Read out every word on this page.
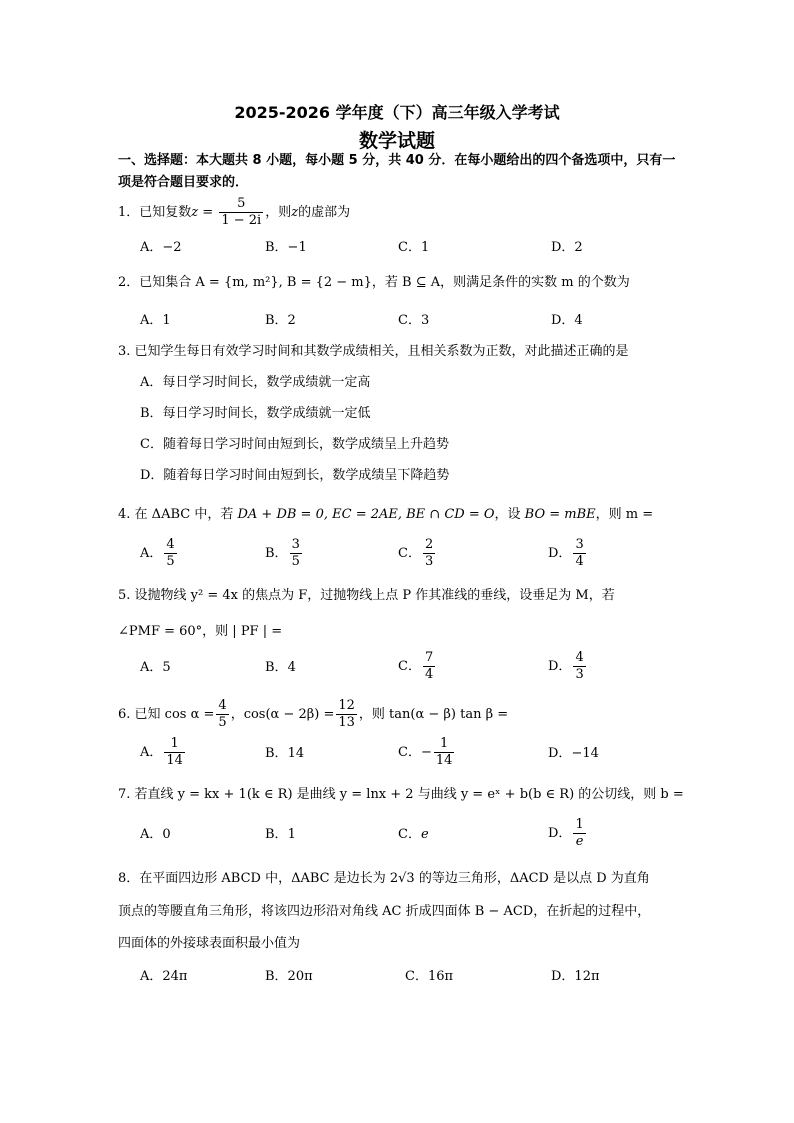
2025-2026 学年度（下）高三年级入学考试
数学试题
一、选择题：本大题共 8 小题，每小题 5 分，共 40 分．在每小题给出的四个备选项中，只有一项是符合题目要求的．
1．已知复数$z = \frac{5}{1 - 2i}$ ，则z的虚部为
A．−2	B．−1	C．1	D．2
2．已知集合 A = {m, m²}, B = {2 − m}，若 B ⊆ A，则满足条件的实数 m 的个数为
A．1	B．2	C．3	D．4
3. 已知学生每日有效学习时间和其数学成绩相关，且相关系数为正数，对此描述正确的是
A．每日学习时间长，数学成绩就一定高
B．每日学习时间长，数学成绩就一定低
C．随着每日学习时间由短到长，数学成绩呈上升趋势
D．随着每日学习时间由短到长，数学成绩呈下降趋势
4. 在 ΔABC 中，若 DA + DB = 0, EC = 2AE, BE ∩ CD = O，设 BO = mBE，则 m =
A． $\frac{4}{5}$	B． $\frac{3}{5}$	C． $\frac{2}{3}$	D． $\frac{3}{4}$
5. 设抛物线 y² = 4x 的焦点为 F，过抛物线上点 P 作其准线的垂线，设垂足为 M，若
∠PMF = 60°，则 | PF | =
A．5	B．4	C． $\frac{7}{4}$	D． $\frac{4}{3}$
6. 已知 $\cos \alpha = \frac{4}{5}$ ，$\cos(\alpha - 2\beta) = \frac{12}{13}$ ，则 tan(α − β) tan β =
A． $\frac{1}{14}$	B．14	C．− $\frac{1}{14}$	D．−14
7. 若直线 y = kx + 1(k ∈ R) 是曲线 y = lnx + 2 与曲线 y = eˣ + b(b ∈ R) 的公切线，则 b =
A．0	B．1	C．e	D． $\frac{1}{e}$
8．在平面四边形 ABCD 中，ΔABC 是边长为 2√3 的等边三角形，ΔACD 是以点 D 为直角
顶点的等腰直角三角形，将该四边形沿对角线 AC 折成四面体 B − ACD，在折起的过程中，
四面体的外接球表面积最小值为
A．24π	B．20π	C．16π	D．12π
